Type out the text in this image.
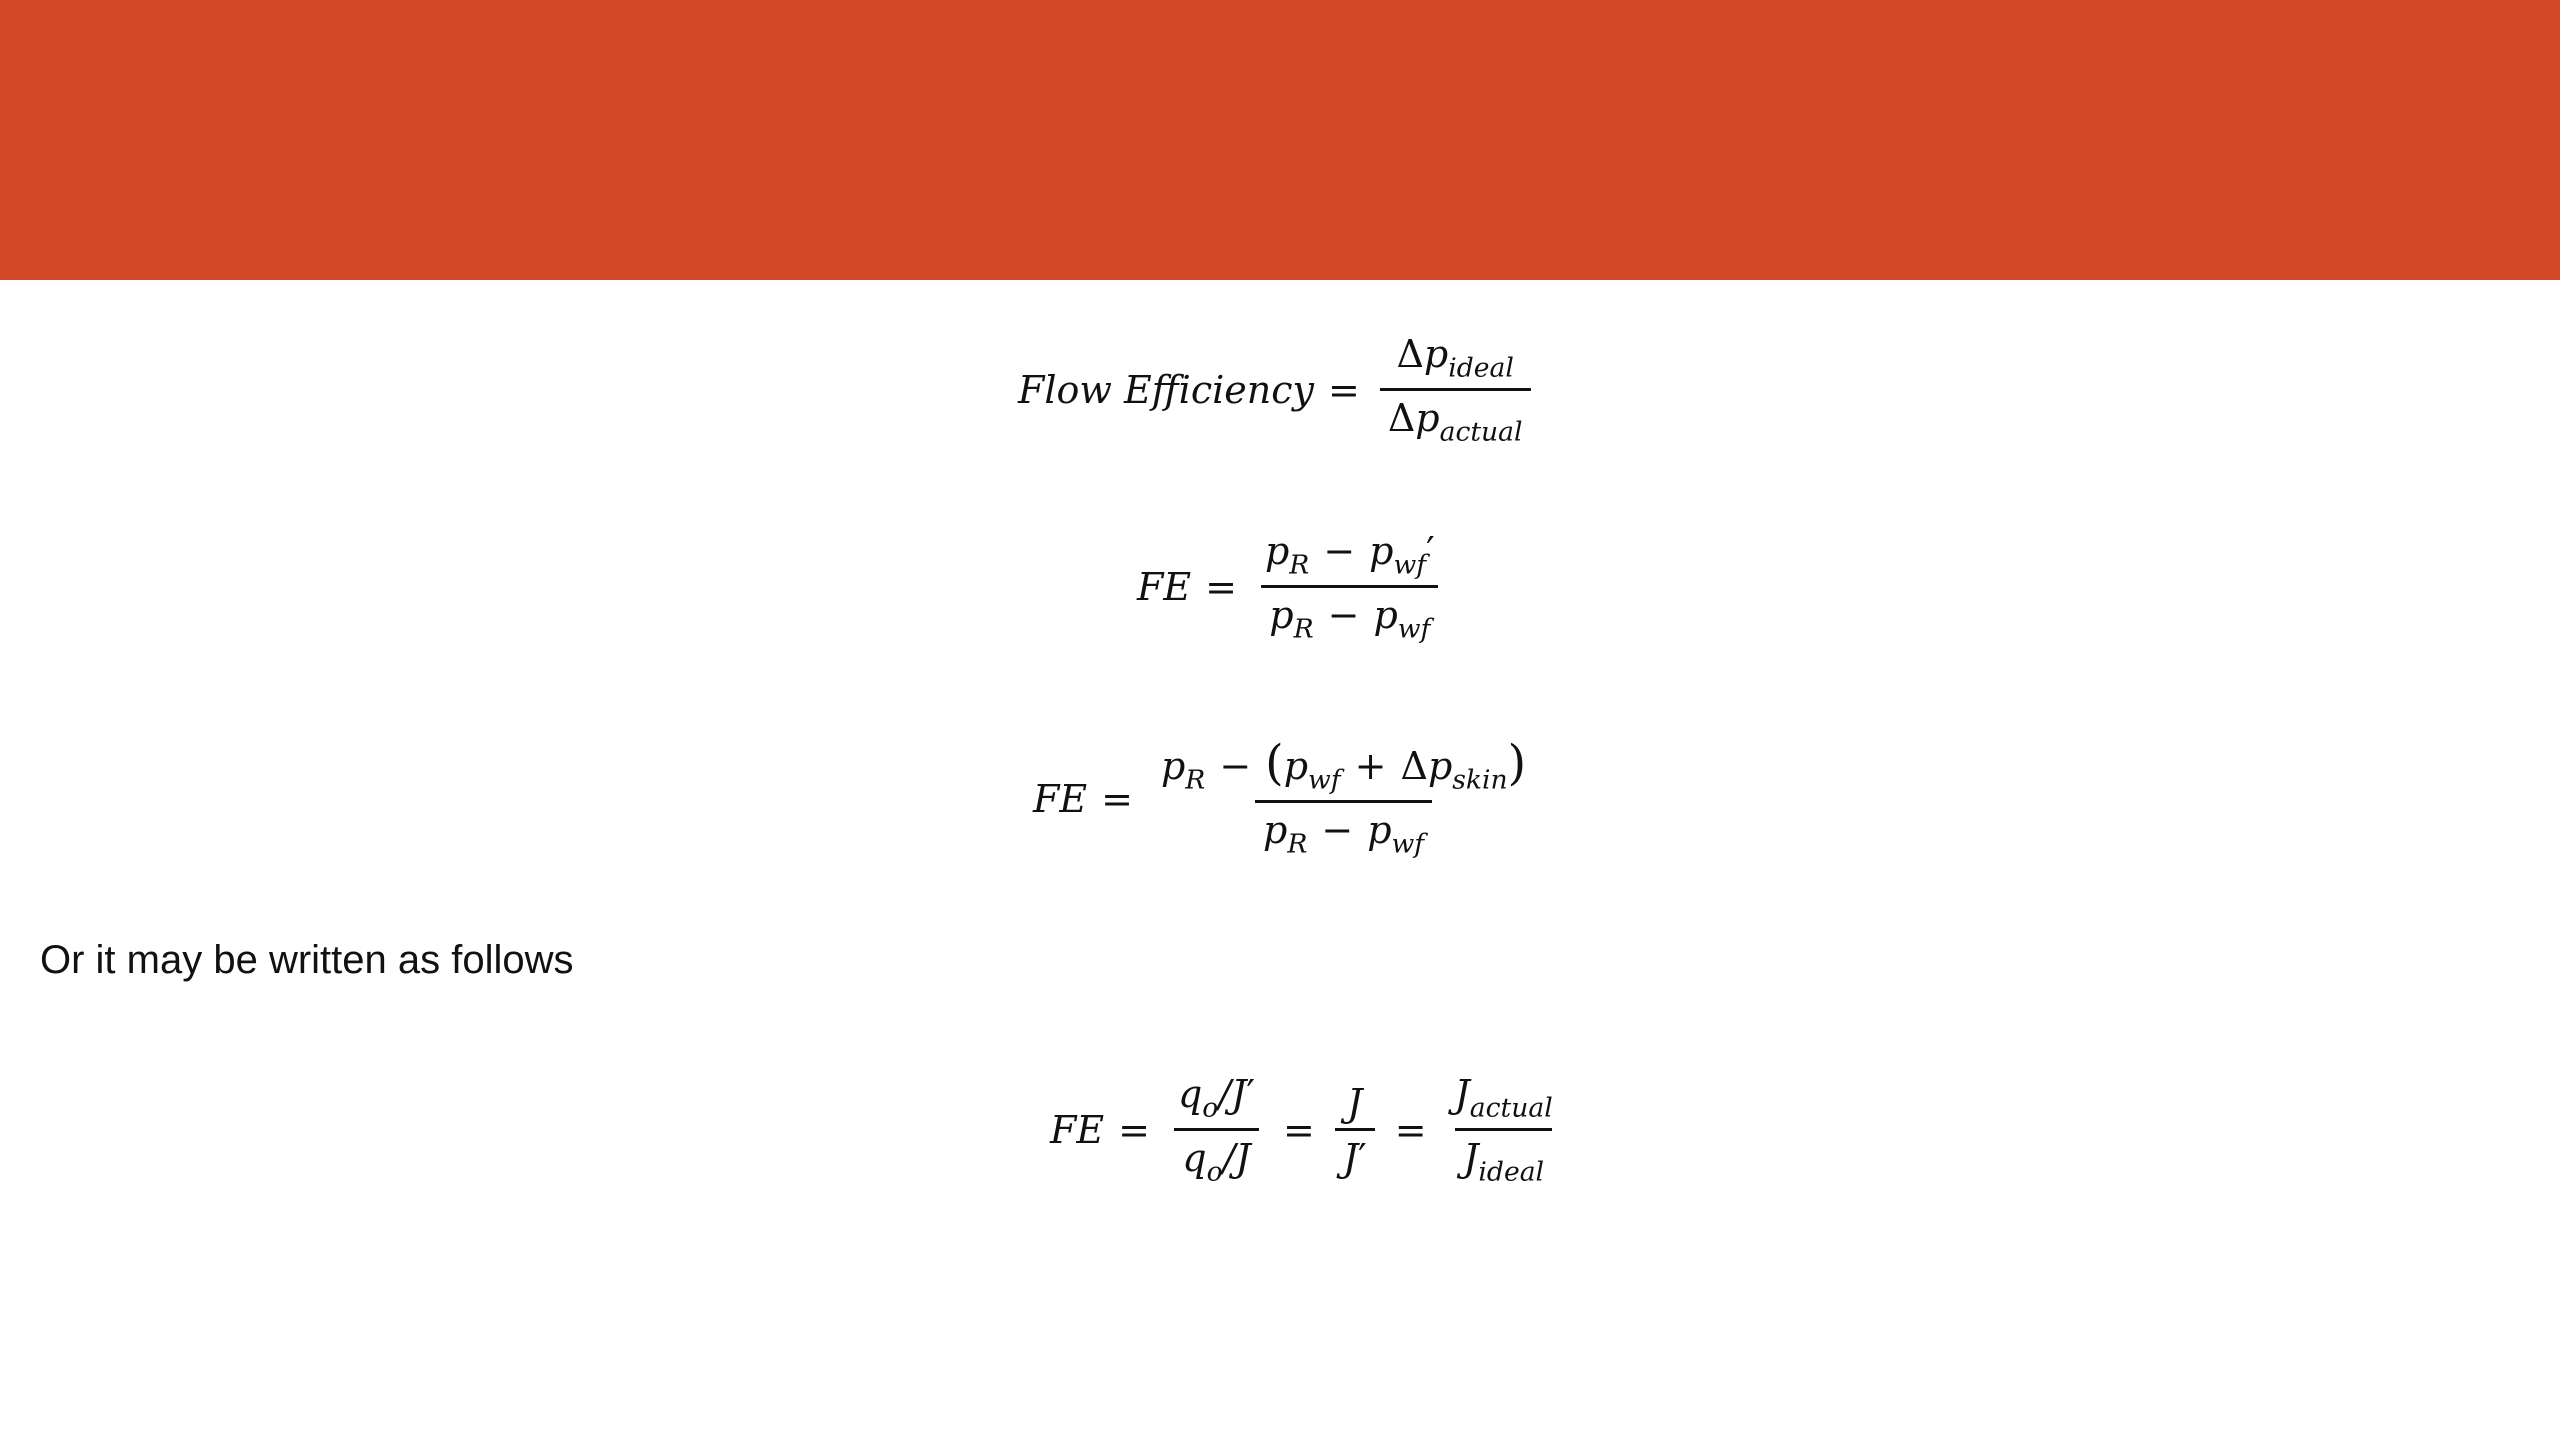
Flow Efficiency = $\frac{\Delta p_{ideal}}{\Delta p_{actual}}$
FE = $\frac{p_R - p_{wf}'}{p_R - p_{wf}}$
FE = $\frac{p_R - (p_{wf} + \Delta p_{skin})}{p_R - p_{wf}}$
Or it may be written as follows
FE = $\frac{q_o/J'}{q_o/J} = \frac{J}{J'} = \frac{J_{actual}}{J_{ideal}}$
